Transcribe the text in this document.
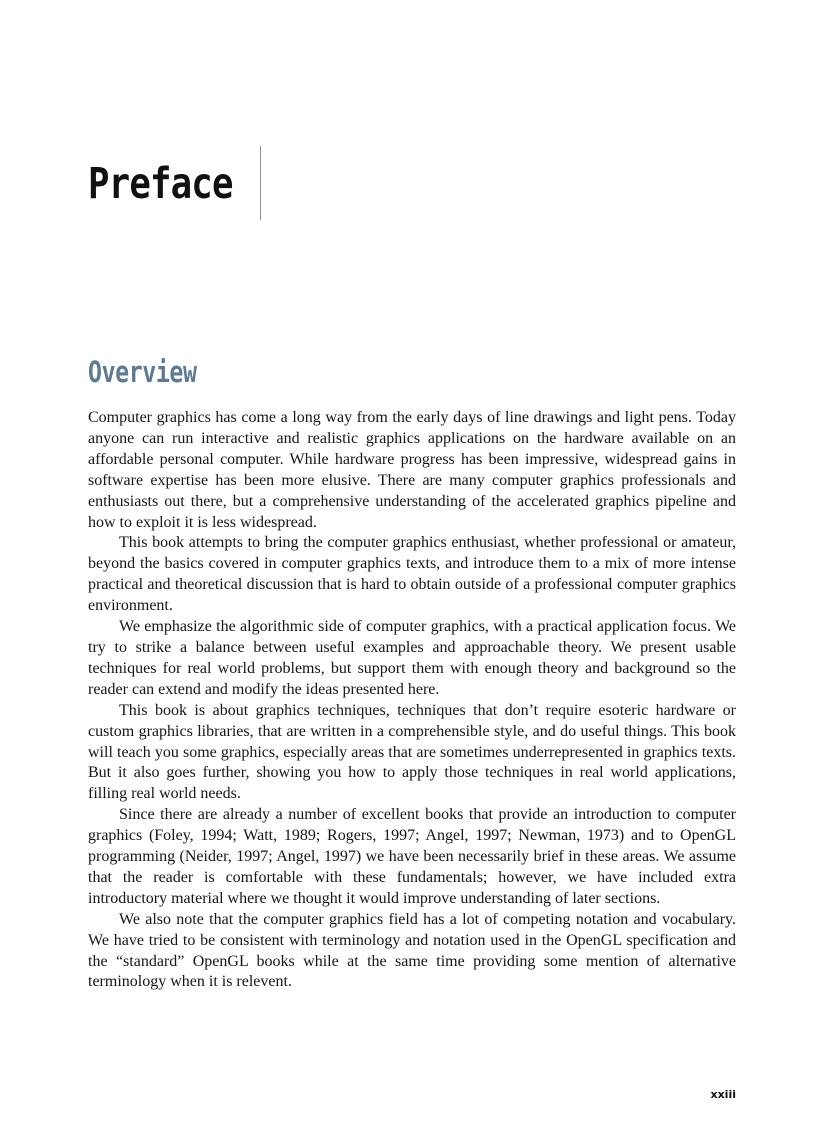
Preface
Overview

Computer graphics has come a long way from the early days of line drawings and light pens. Today anyone can run interactive and realistic graphics applications on the hardware available on an affordable personal computer. While hardware progress has been impressive, widespread gains in software expertise has been more elusive. There are many computer graphics professionals and enthusiasts out there, but a comprehensive understanding of the accelerated graphics pipeline and how to exploit it is less widespread.

This book attempts to bring the computer graphics enthusiast, whether professional or amateur, beyond the basics covered in computer graphics texts, and introduce them to a mix of more intense practical and theoretical discussion that is hard to obtain outside of a professional computer graphics environment.

We emphasize the algorithmic side of computer graphics, with a practical application focus. We try to strike a balance between useful examples and approachable theory. We present usable techniques for real world problems, but support them with enough theory and background so the reader can extend and modify the ideas presented here.

This book is about graphics techniques, techniques that don’t require esoteric hardware or custom graphics libraries, that are written in a comprehensible style, and do useful things. This book will teach you some graphics, especially areas that are sometimes underrepresented in graphics texts. But it also goes further, showing you how to apply those techniques in real world applications, filling real world needs.

Since there are already a number of excellent books that provide an introduction to computer graphics (Foley, 1994; Watt, 1989; Rogers, 1997; Angel, 1997; Newman, 1973) and to OpenGL programming (Neider, 1997; Angel, 1997) we have been necessarily brief in these areas. We assume that the reader is comfortable with these fundamentals; however, we have included extra introductory material where we thought it would improve understanding of later sections.

We also note that the computer graphics field has a lot of competing notation and vocabulary. We have tried to be consistent with terminology and notation used in the OpenGL specification and the “standard” OpenGL books while at the same time providing some mention of alternative terminology when it is relevent.

xxiii
